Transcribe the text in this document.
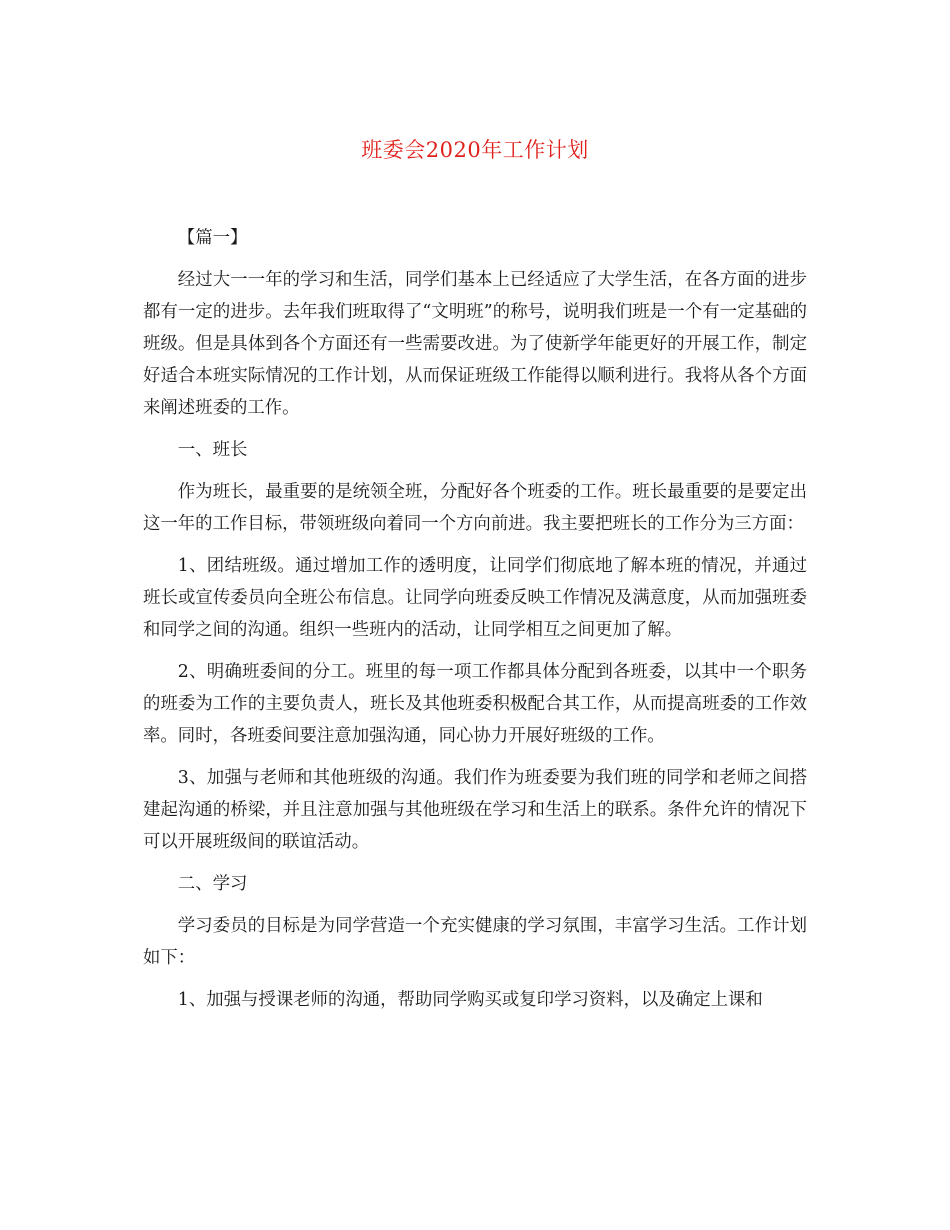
班委会2020年工作计划

【篇一】

经过大一一年的学习和生活，同学们基本上已经适应了大学生活，在各方面的进步都有一定的进步。去年我们班取得了“文明班”的称号，说明我们班是一个有一定基础的班级。但是具体到各个方面还有一些需要改进。为了使新学年能更好的开展工作，制定好适合本班实际情况的工作计划，从而保证班级工作能得以顺利进行。我将从各个方面来阐述班委的工作。

一、班长

作为班长，最重要的是统领全班，分配好各个班委的工作。班长最重要的是要定出这一年的工作目标，带领班级向着同一个方向前进。我主要把班长的工作分为三方面：

1、团结班级。通过增加工作的透明度，让同学们彻底地了解本班的情况，并通过班长或宣传委员向全班公布信息。让同学向班委反映工作情况及满意度，从而加强班委和同学之间的沟通。组织一些班内的活动，让同学相互之间更加了解。

2、明确班委间的分工。班里的每一项工作都具体分配到各班委，以其中一个职务的班委为工作的主要负责人，班长及其他班委积极配合其工作，从而提高班委的工作效率。同时，各班委间要注意加强沟通，同心协力开展好班级的工作。

3、加强与老师和其他班级的沟通。我们作为班委要为我们班的同学和老师之间搭建起沟通的桥梁，并且注意加强与其他班级在学习和生活上的联系。条件允许的情况下可以开展班级间的联谊活动。

二、学习

学习委员的目标是为同学营造一个充实健康的学习氛围，丰富学习生活。工作计划如下：

1、加强与授课老师的沟通，帮助同学购买或复印学习资料，以及确定上课和
